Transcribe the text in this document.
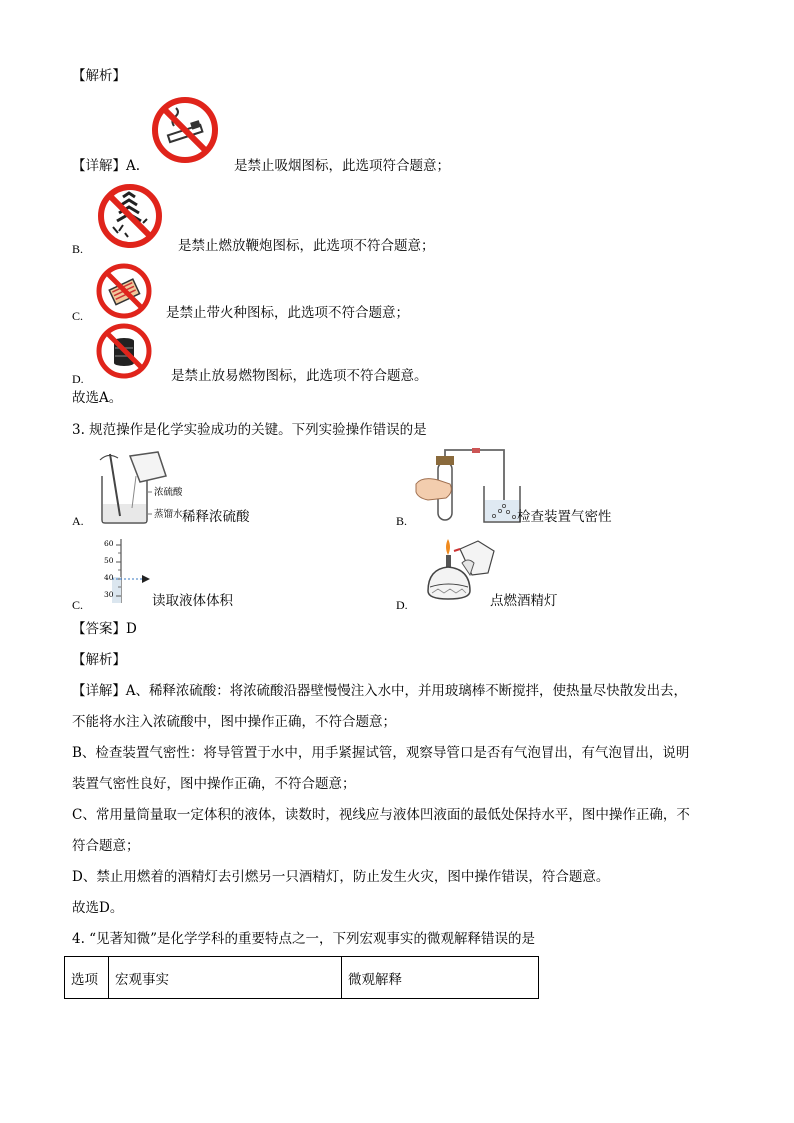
【解析】
【详解】A.	是禁止吸烟图标，此选项符合题意；
B.	是禁止燃放鞭炮图标，此选项不符合题意；
C.	是禁止带火种图标，此选项不符合题意；
D.	是禁止放易燃物图标，此选项不符合题意。
故选A。
3. 规范操作是化学实验成功的关键。下列实验操作错误的是
浓硫酸
蒸馏水
A.	稀释浓硫酸	B.	检查装置气密性
60
50
40
30
C.	读取液体体积	D.	点燃酒精灯
【答案】D
【解析】
【详解】A、稀释浓硫酸：将浓硫酸沿器壁慢慢注入水中，并用玻璃棒不断搅拌，使热量尽快散发出去，
不能将水注入浓硫酸中，图中操作正确，不符合题意；
B、检查装置气密性：将导管置于水中，用手紧握试管，观察导管口是否有气泡冒出，有气泡冒出，说明
装置气密性良好，图中操作正确，不符合题意；
C、常用量筒量取一定体积的液体，读数时，视线应与液体凹液面的最低处保持水平，图中操作正确，不
符合题意；
D、禁止用燃着的酒精灯去引燃另一只酒精灯，防止发生火灾，图中操作错误，符合题意。
故选D。
4. “见著知微”是化学学科的重要特点之一，下列宏观事实的微观解释错误的是
选项	宏观事实	微观解释
